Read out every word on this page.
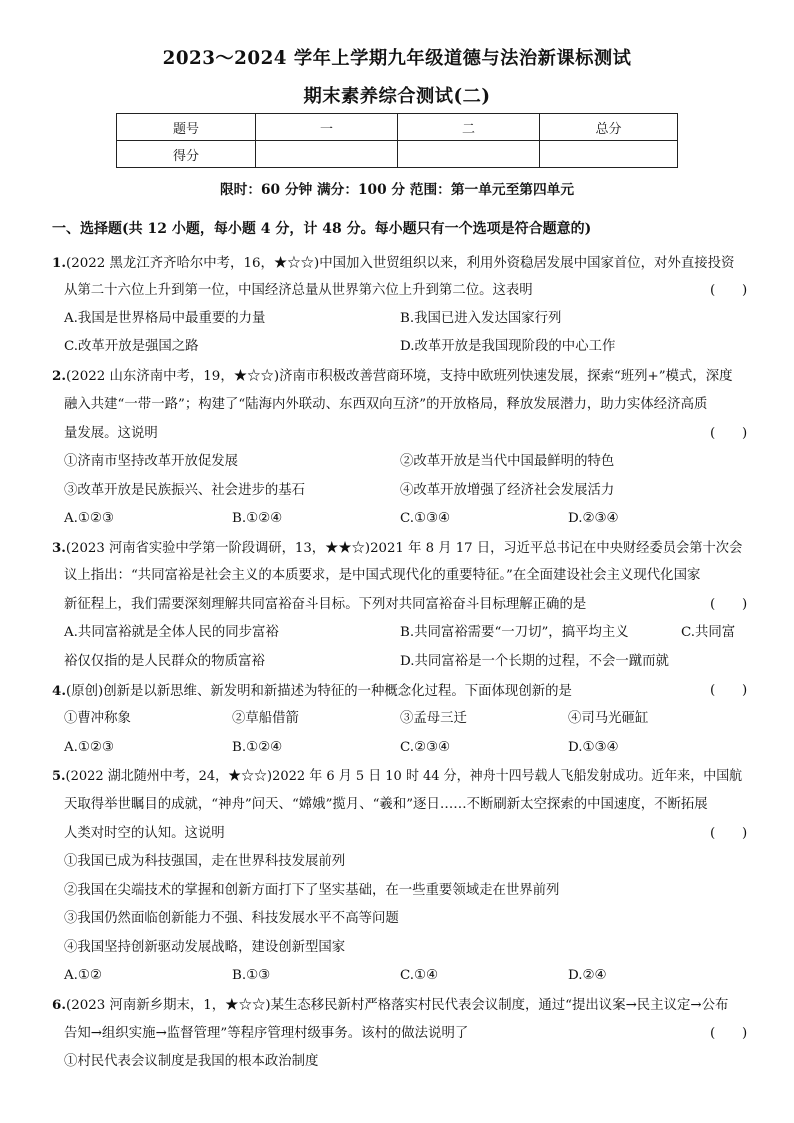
2023～2024 学年上学期九年级道德与法治新课标测试
期末素养综合测试(二)
题号	一	二	总分
得分			
限时：60 分钟 满分：100 分 范围：第一单元至第四单元
一、选择题(共 12 小题，每小题 4 分，计 48 分。每小题只有一个选项是符合题意的)
1.(2022 黑龙江齐齐哈尔中考，16，★☆☆)中国加入世贸组织以来，利用外资稳居发展中国家首位，对外直接投资
从第二十六位上升到第一位，中国经济总量从世界第六位上升到第二位。这表明	(　　)
A.我国是世界格局中最重要的力量	B.我国已进入发达国家行列
C.改革开放是强国之路	D.改革开放是我国现阶段的中心工作
2.(2022 山东济南中考，19，★☆☆)济南市积极改善营商环境，支持中欧班列快速发展，探索“班列+”模式，深度
融入共建“一带一路”；构建了“陆海内外联动、东西双向互济”的开放格局，释放发展潜力，助力实体经济高质
量发展。这说明	(　　)
①济南市坚持改革开放促发展	②改革开放是当代中国最鲜明的特色
③改革开放是民族振兴、社会进步的基石	④改革开放增强了经济社会发展活力
A.①②③	B.①②④	C.①③④	D.②③④
3.(2023 河南省实验中学第一阶段调研，13，★★☆)2021 年 8 月 17 日，习近平总书记在中央财经委员会第十次会
议上指出：“共同富裕是社会主义的本质要求，是中国式现代化的重要特征。”在全面建设社会主义现代化国家
新征程上，我们需要深刻理解共同富裕奋斗目标。下列对共同富裕奋斗目标理解正确的是	(　　)
A.共同富裕就是全体人民的同步富裕	B.共同富裕需要“一刀切”，搞平均主义	C.共同富
裕仅仅指的是人民群众的物质富裕	D.共同富裕是一个长期的过程，不会一蹴而就
4.(原创)创新是以新思维、新发明和新描述为特征的一种概念化过程。下面体现创新的是	(　　)
①曹冲称象	②草船借箭	③孟母三迁	④司马光砸缸
A.①②③	B.①②④	C.②③④	D.①③④
5.(2022 湖北随州中考，24，★☆☆)2022 年 6 月 5 日 10 时 44 分，神舟十四号载人飞船发射成功。近年来，中国航
天取得举世瞩目的成就，“神舟”问天、“嫦娥”揽月、“羲和”逐日……不断刷新太空探索的中国速度，不断拓展
人类对时空的认知。这说明	(　　)
①我国已成为科技强国，走在世界科技发展前列
②我国在尖端技术的掌握和创新方面打下了坚实基础，在一些重要领域走在世界前列
③我国仍然面临创新能力不强、科技发展水平不高等问题
④我国坚持创新驱动发展战略，建设创新型国家
A.①②	B.①③	C.①④	D.②④
6.(2023 河南新乡期末，1，★☆☆)某生态移民新村严格落实村民代表会议制度，通过“提出议案→民主议定→公布
告知→组织实施→监督管理”等程序管理村级事务。该村的做法说明了	(　　)
①村民代表会议制度是我国的根本政治制度
